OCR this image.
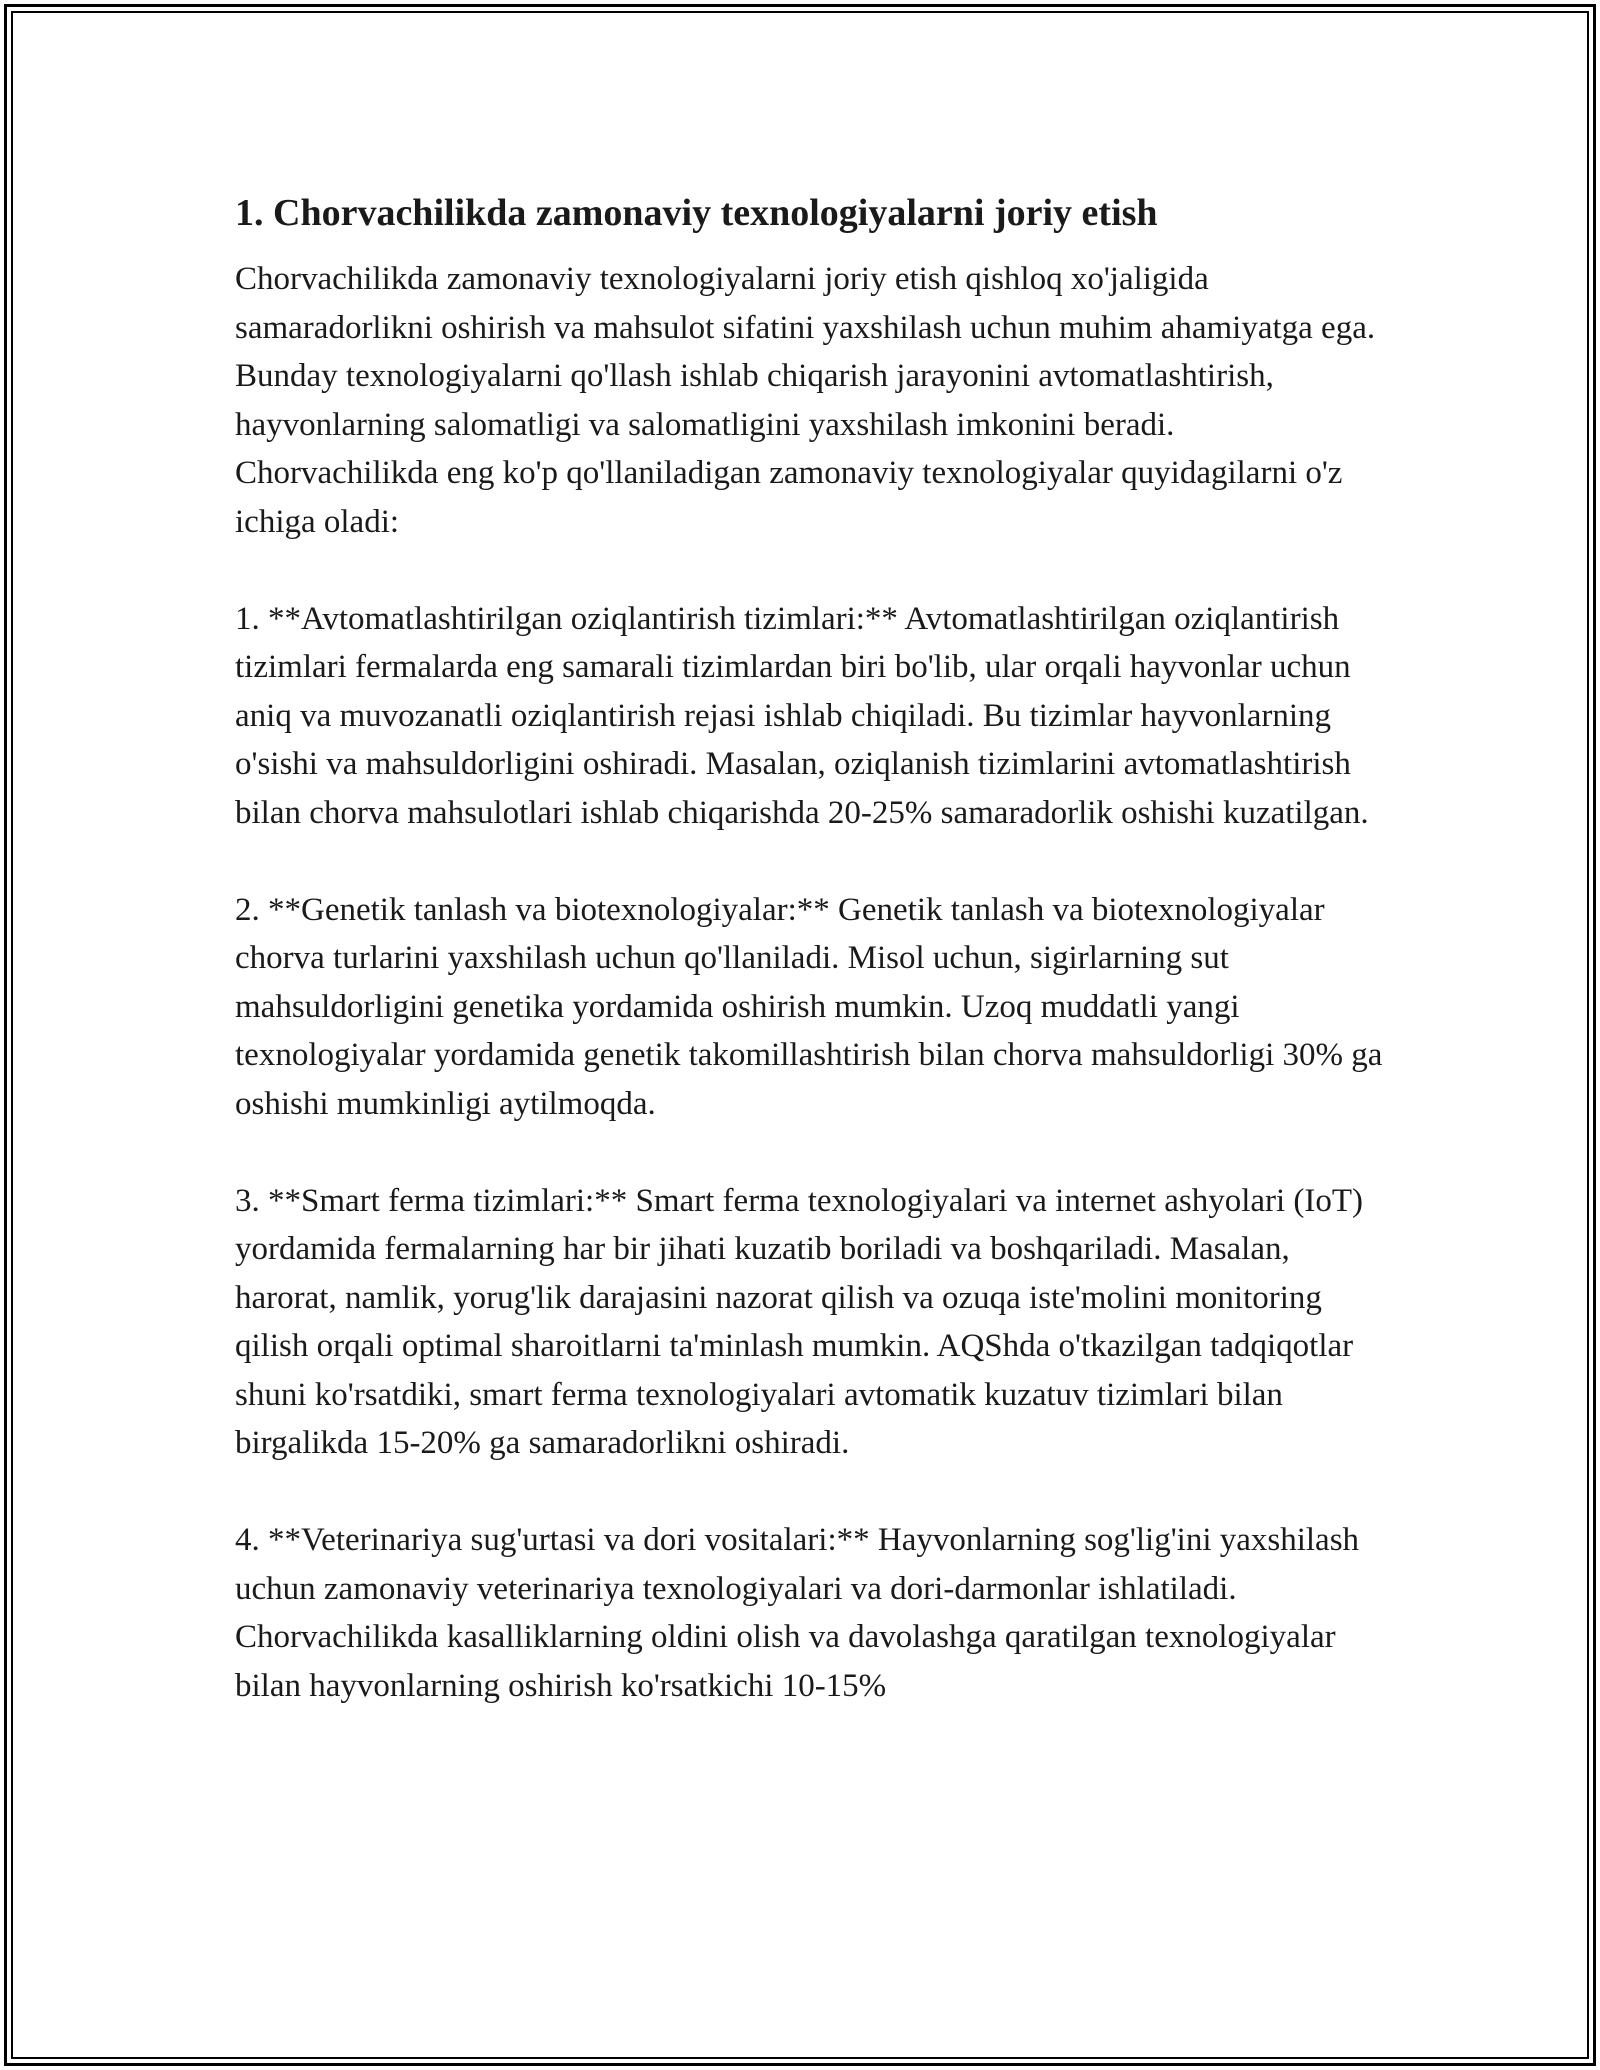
1. Chorvachilikda zamonaviy texnologiyalarni joriy etish

Chorvachilikda zamonaviy texnologiyalarni joriy etish qishloq xo'jaligida samaradorlikni oshirish va mahsulot sifatini yaxshilash uchun muhim ahamiyatga ega. Bunday texnologiyalarni qo'llash ishlab chiqarish jarayonini avtomatlashtirish, hayvonlarning salomatligi va salomatligini yaxshilash imkonini beradi. Chorvachilikda eng ko'p qo'llaniladigan zamonaviy texnologiyalar quyidagilarni o'z ichiga oladi:

1. **Avtomatlashtirilgan oziqlantirish tizimlari:** Avtomatlashtirilgan oziqlantirish tizimlari fermalarda eng samarali tizimlardan biri bo'lib, ular orqali hayvonlar uchun aniq va muvozanatli oziqlantirish rejasi ishlab chiqiladi. Bu tizimlar hayvonlarning o'sishi va mahsuldorligini oshiradi. Masalan, oziqlanish tizimlarini avtomatlashtirish bilan chorva mahsulotlari ishlab chiqarishda 20-25% samaradorlik oshishi kuzatilgan.

2. **Genetik tanlash va biotexnologiyalar:** Genetik tanlash va biotexnologiyalar chorva turlarini yaxshilash uchun qo'llaniladi. Misol uchun, sigirlarning sut mahsuldorligini genetika yordamida oshirish mumkin. Uzoq muddatli yangi texnologiyalar yordamida genetik takomillashtirish bilan chorva mahsuldorligi 30% ga oshishi mumkinligi aytilmoqda.

3. **Smart ferma tizimlari:** Smart ferma texnologiyalari va internet ashyolari (IoT) yordamida fermalarning har bir jihati kuzatib boriladi va boshqariladi. Masalan, harorat, namlik, yorug'lik darajasini nazorat qilish va ozuqa iste'molini monitoring qilish orqali optimal sharoitlarni ta'minlash mumkin. AQShda o'tkazilgan tadqiqotlar shuni ko'rsatdiki, smart ferma texnologiyalari avtomatik kuzatuv tizimlari bilan birgalikda 15-20% ga samaradorlikni oshiradi.

4. **Veterinariya sug'urtasi va dori vositalari:** Hayvonlarning sog'lig'ini yaxshilash uchun zamonaviy veterinariya texnologiyalari va dori-darmonlar ishlatiladi. Chorvachilikda kasalliklarning oldini olish va davolashga qaratilgan texnologiyalar bilan hayvonlarning oshirish ko'rsatkichi 10-15%
